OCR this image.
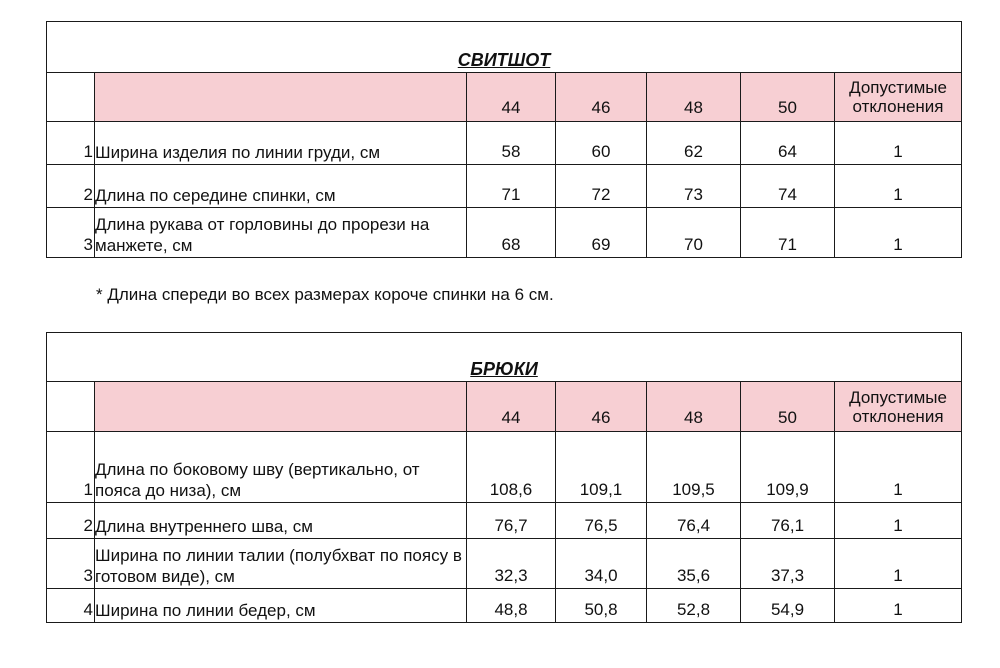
СВИТШОТ						
		44	46	48	50	Допустимые отклонения
1	Ширина изделия по линии груди, см	58	60	62	64	1
2	Длина по середине спинки, см	71	72	73	74	1
3	Длина рукава от горловины до прорези на манжете, см	68	69	70	71	1
* Длина спереди во всех размерах короче спинки на 6 см.
БРЮКИ						
		44	46	48	50	Допустимые отклонения
1	Длина по боковому шву (вертикально, от пояса до низа), см	108,6	109,1	109,5	109,9	1
2	Длина внутреннего шва, см	76,7	76,5	76,4	76,1	1
3	Ширина по линии талии (полубхват по поясу в готовом виде), см	32,3	34,0	35,6	37,3	1
4	Ширина по линии бедер, см	48,8	50,8	52,8	54,9	1
